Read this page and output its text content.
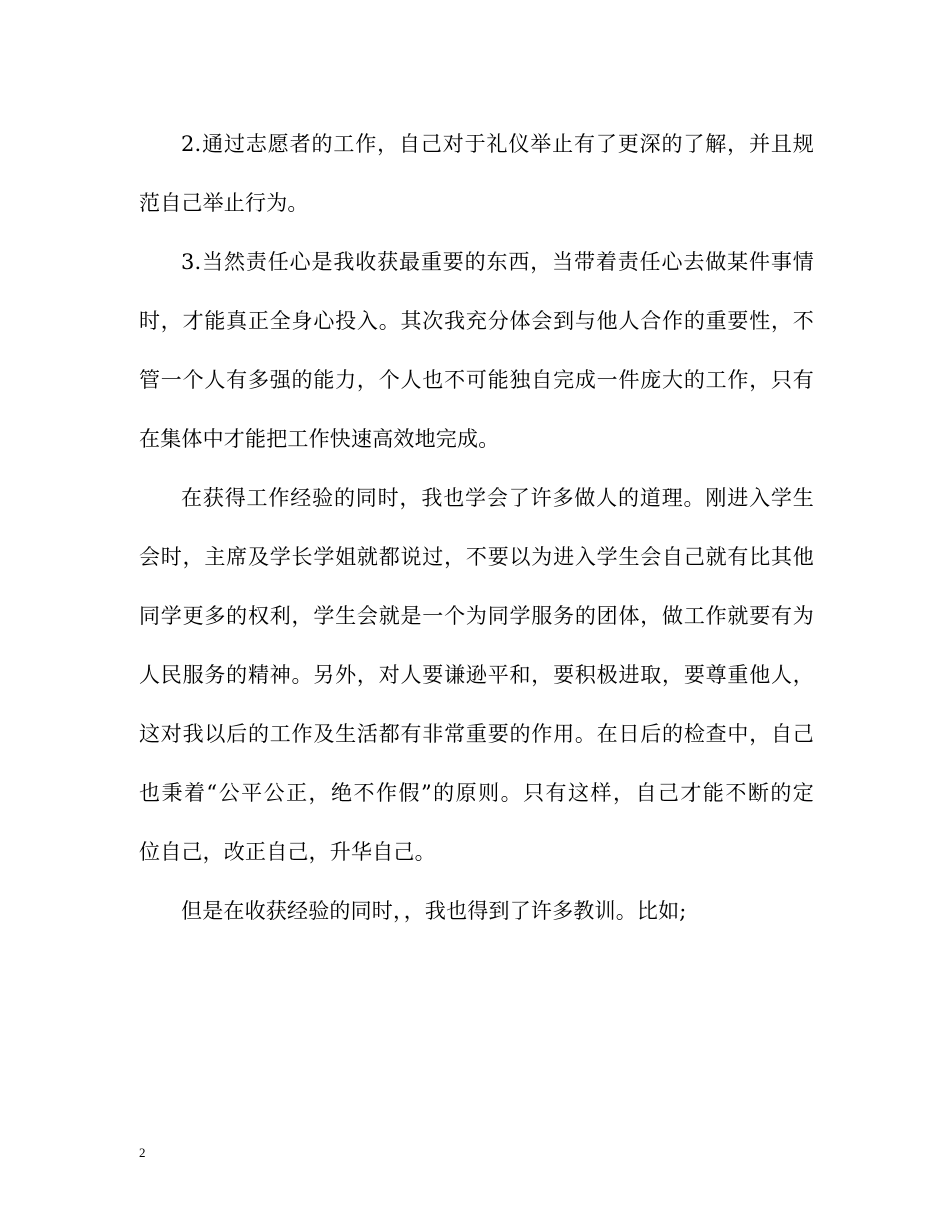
2.通过志愿者的工作，自己对于礼仪举止有了更深的了解，并且规
范自己举止行为。
3.当然责任心是我收获最重要的东西，当带着责任心去做某件事情
时，才能真正全身心投入。其次我充分体会到与他人合作的重要性，不
管一个人有多强的能力，个人也不可能独自完成一件庞大的工作，只有
在集体中才能把工作快速高效地完成。
在获得工作经验的同时，我也学会了许多做人的道理。刚进入学生
会时，主席及学长学姐就都说过，不要以为进入学生会自己就有比其他
同学更多的权利，学生会就是一个为同学服务的团体，做工作就要有为
人民服务的精神。另外，对人要谦逊平和，要积极进取，要尊重他人，
这对我以后的工作及生活都有非常重要的作用。在日后的检查中，自己
也秉着“公平公正，绝不作假”的原则。只有这样，自己才能不断的定
位自己，改正自己，升华自己。
但是在收获经验的同时，，我也得到了许多教训。比如;
2
